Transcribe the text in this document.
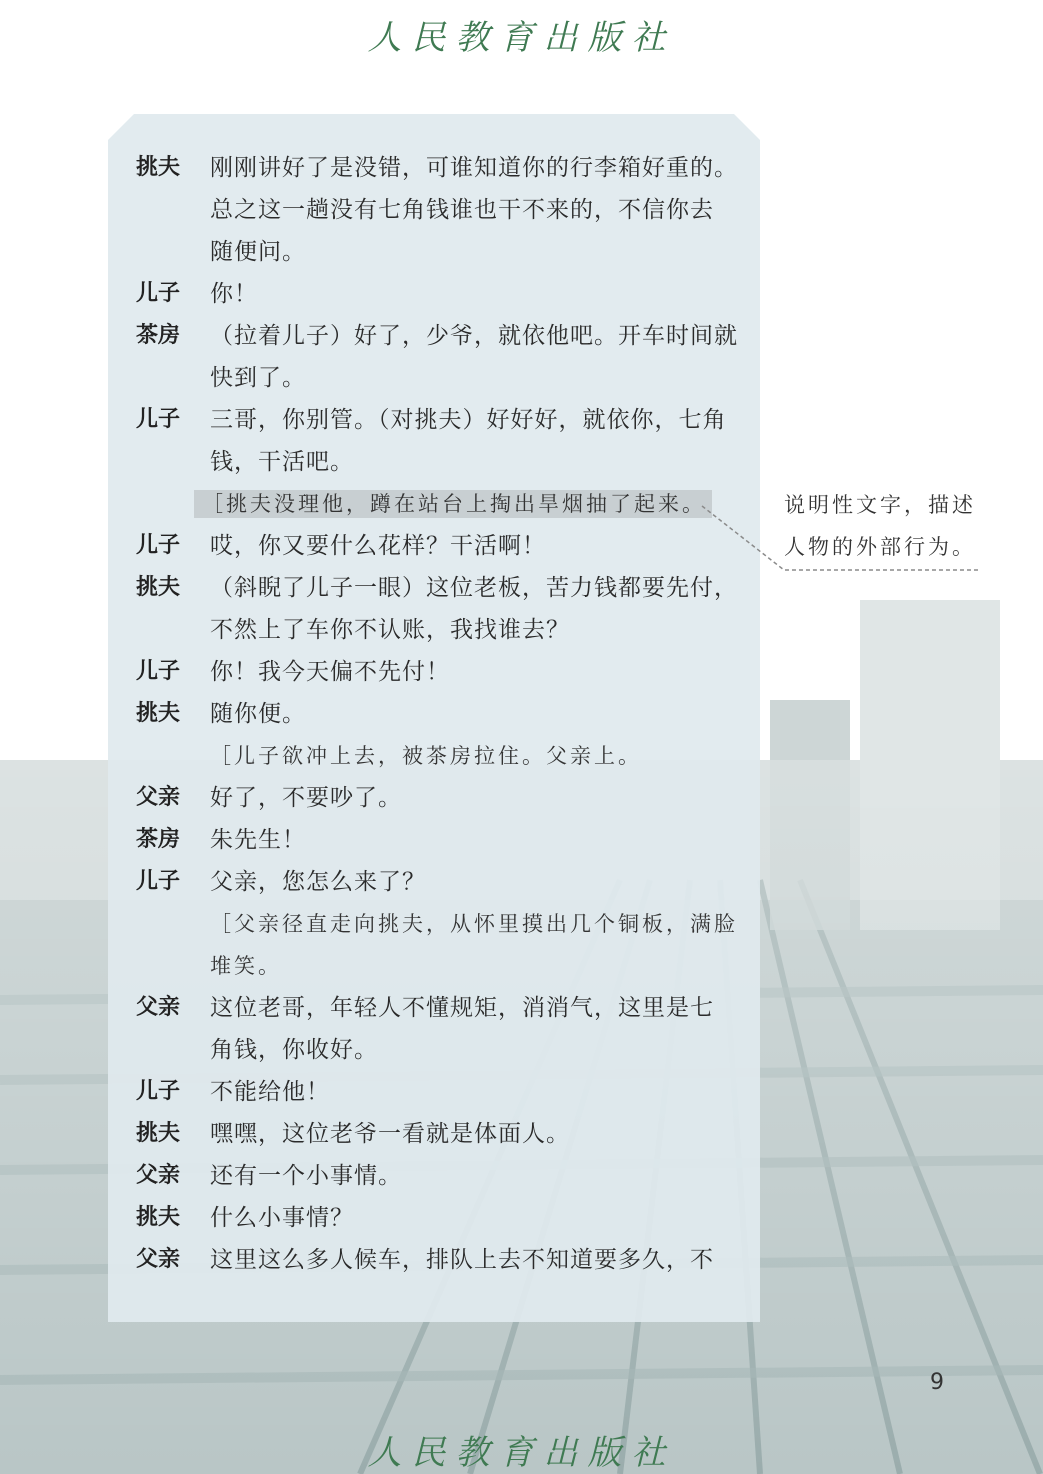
人民教育出版社
挑夫	刚刚讲好了是没错，可谁知道你的行李箱好重的。
总之这一趟没有七角钱谁也干不来的，不信你去
随便问。
儿子	你！
茶房	（拉着儿子）好了，少爷，就依他吧。开车时间就
快到了。
儿子	三哥，你别管。（对挑夫）好好好，就依你，七角
钱，干活吧。
［挑夫没理他，蹲在站台上掏出旱烟抽了起来。
儿子	哎，你又要什么花样？干活啊！
挑夫	（斜睨了儿子一眼）这位老板，苦力钱都要先付，
不然上了车你不认账，我找谁去？
儿子	你！我今天偏不先付！
挑夫	随你便。
［儿子欲冲上去，被茶房拉住。父亲上。
父亲	好了，不要吵了。
茶房	朱先生！
儿子	父亲，您怎么来了？
［父亲径直走向挑夫，从怀里摸出几个铜板，满脸
堆笑。
父亲	这位老哥，年轻人不懂规矩，消消气，这里是七
角钱，你收好。
儿子	不能给他！
挑夫	嘿嘿，这位老爷一看就是体面人。
父亲	还有一个小事情。
挑夫	什么小事情？
父亲	这里这么多人候车，排队上去不知道要多久，不
说明性文字，描述
人物的外部行为。
9
人民教育出版社
